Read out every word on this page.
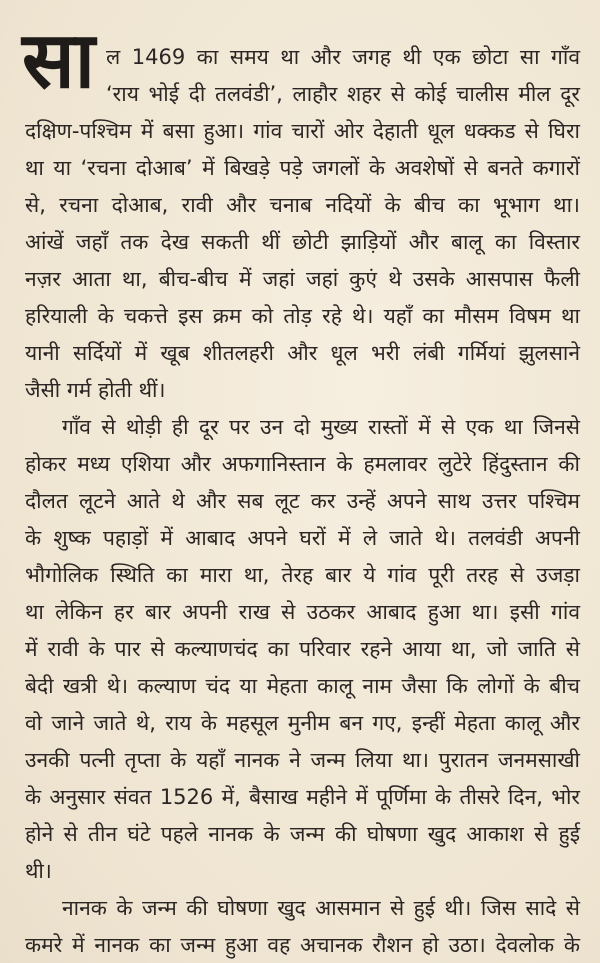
सा ल 1469 का समय था और जगह थी एक छोटा सा गाँव
‘राय भोई दी तलवंडी’, लाहौर शहर से कोई चालीस मील दूर
दक्षिण-पश्चिम में बसा हुआ। गांव चारों ओर देहाती धूल धक्कड से घिरा
था या ‘रचना दोआब’ में बिखड़े पड़े जगलों के अवशेषों से बनते कगारों
से, रचना दोआब, रावी और चनाब नदियों के बीच का भूभाग था।
आंखें जहाँ तक देख सकती थीं छोटी झाड़ियों और बालू का विस्तार
नज़र आता था, बीच-बीच में जहां जहां कुएं थे उसके आसपास फैली
हरियाली के चकत्ते इस क्रम को तोड़ रहे थे। यहाँ का मौसम विषम था
यानी सर्दियों में खूब शीतलहरी और धूल भरी लंबी गर्मियां झुलसाने
जैसी गर्म होती थीं।
गाँव से थोड़ी ही दूर पर उन दो मुख्य रास्तों में से एक था जिनसे
होकर मध्य एशिया और अफगानिस्तान के हमलावर लुटेरे हिंदुस्तान की
दौलत लूटने आते थे और सब लूट कर उन्हें अपने साथ उत्तर पश्चिम
के शुष्क पहाड़ों में आबाद अपने घरों में ले जाते थे। तलवंडी अपनी
भौगोलिक स्थिति का मारा था, तेरह बार ये गांव पूरी तरह से उजड़ा
था लेकिन हर बार अपनी राख से उठकर आबाद हुआ था। इसी गांव
में रावी के पार से कल्याणचंद का परिवार रहने आया था, जो जाति से
बेदी खत्री थे। कल्याण चंद या मेहता कालू नाम जैसा कि लोगों के बीच
वो जाने जाते थे, राय के महसूल मुनीम बन गए, इन्हीं मेहता कालू और
उनकी पत्नी तृप्ता के यहाँ नानक ने जन्म लिया था। पुरातन जनमसाखी
के अनुसार संवत 1526 में, बैसाख महीने में पूर्णिमा के तीसरे दिन, भोर
होने से तीन घंटे पहले नानक के जन्म की घोषणा खुद आकाश से हुई
थी।
नानक के जन्म की घोषणा खुद आसमान से हुई थी। जिस सादे से
कमरे में नानक का जन्म हुआ वह अचानक रौशन हो उठा। देवलोक के
